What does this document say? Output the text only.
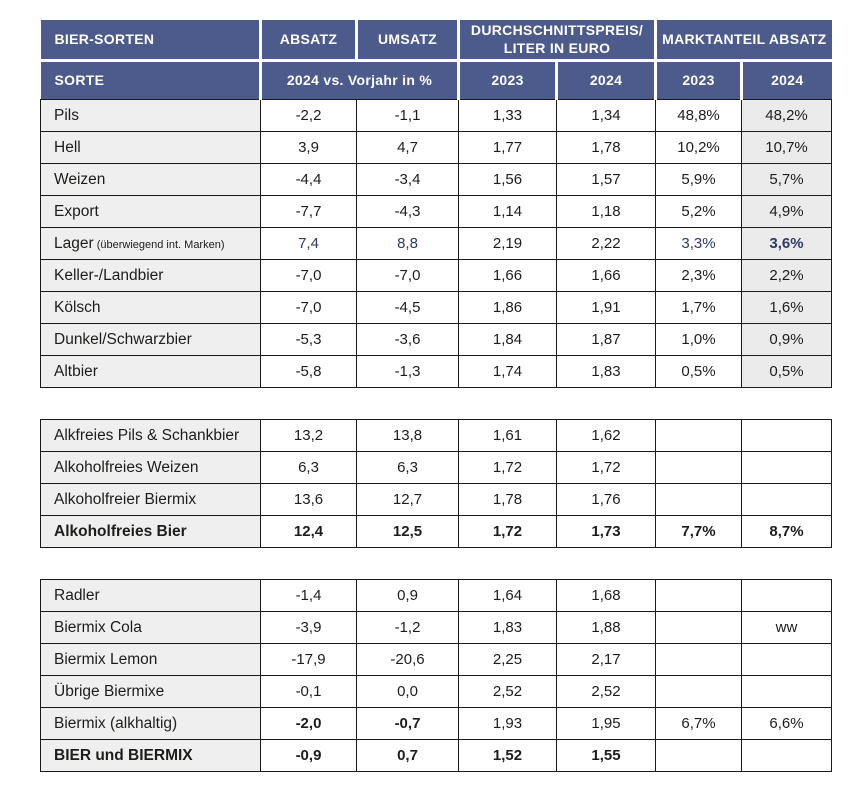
BIER-SORTEN	ABSATZ	UMSATZ	DURCHSCHNITTSPREIS/ LITER IN EURO		MARKTANTEIL ABSATZ	
SORTE	2024 vs. Vorjahr in %		2023	2024	2023	2024
Pils	-2,2	-1,1	1,33	1,34	48,8%	48,2%
Hell	3,9	4,7	1,77	1,78	10,2%	10,7%
Weizen	-4,4	-3,4	1,56	1,57	5,9%	5,7%
Export	-7,7	-4,3	1,14	1,18	5,2%	4,9%
Lager (überwiegend int. Marken)	7,4	8,8	2,19	2,22	3,3%	3,6%
Keller-/Landbier	-7,0	-7,0	1,66	1,66	2,3%	2,2%
Kölsch	-7,0	-4,5	1,86	1,91	1,7%	1,6%
Dunkel/Schwarzbier	-5,3	-3,6	1,84	1,87	1,0%	0,9%
Altbier	-5,8	-1,3	1,74	1,83	0,5%	0,5%
Alkfreies Pils & Schankbier	13,2	13,8	1,61	1,62		
Alkoholfreies Weizen	6,3	6,3	1,72	1,72		
Alkoholfreier Biermix	13,6	12,7	1,78	1,76		
Alkoholfreies Bier	12,4	12,5	1,72	1,73	7,7%	8,7%
Radler	-1,4	0,9	1,64	1,68		
Biermix Cola	-3,9	-1,2	1,83	1,88		ww
Biermix Lemon	-17,9	-20,6	2,25	2,17		
Übrige Biermixe	-0,1	0,0	2,52	2,52		
Biermix (alkhaltig)	-2,0	-0,7	1,93	1,95	6,7%	6,6%
BIER und BIERMIX	-0,9	0,7	1,52	1,55		
